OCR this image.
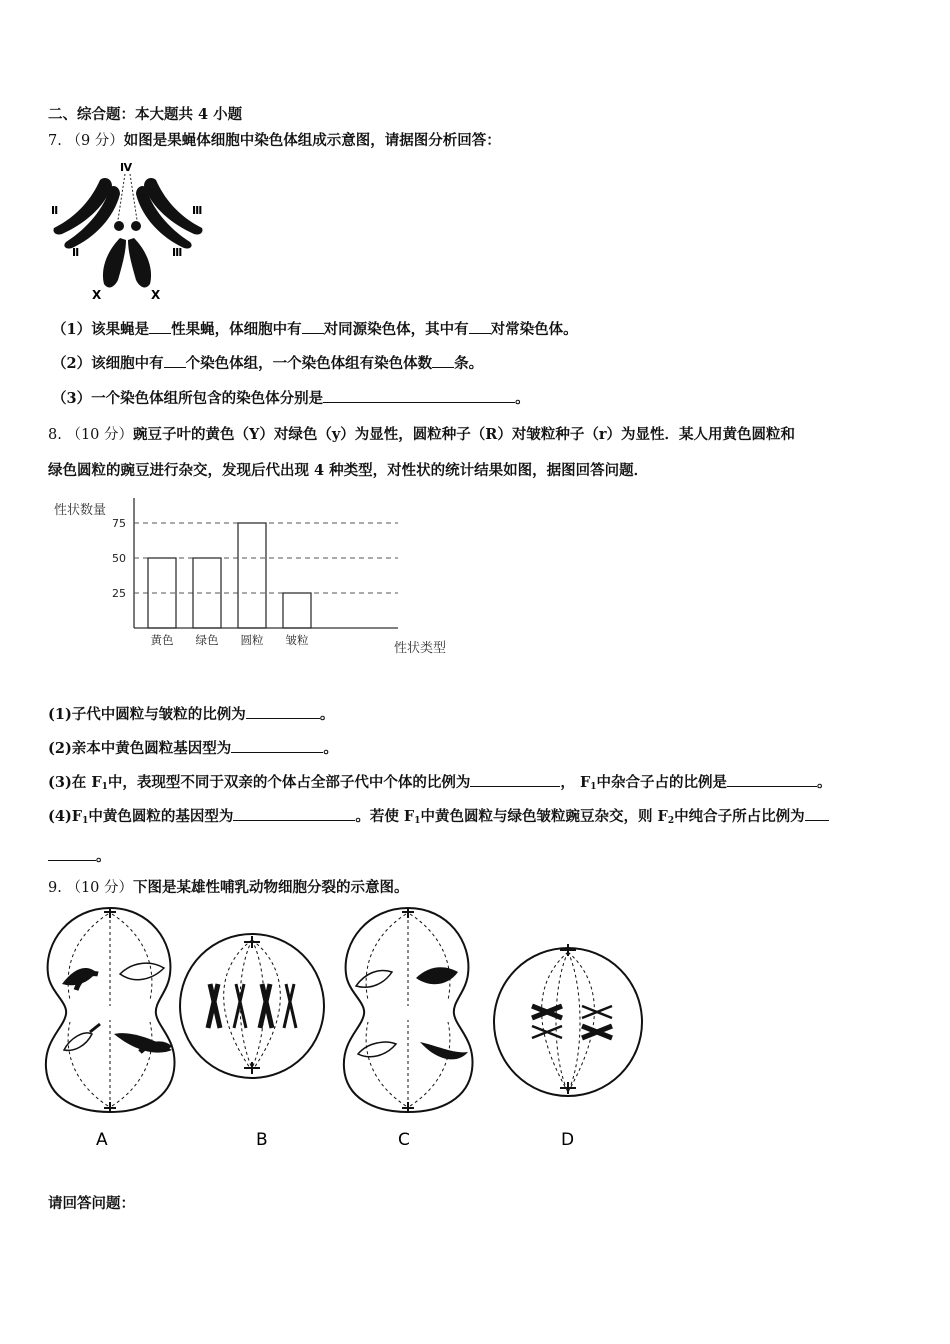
二、综合题：本大题共 4 小题
7. （9 分）如图是果蝇体细胞中染色体组成示意图，请据图分析回答：
Ⅳ
Ⅱ
Ⅱ
Ⅲ
Ⅲ
X	X
（1）该果蝇是 性果蝇，体细胞中有 对同源染色体，其中有 对常染色体。
（2）该细胞中有 个染色体组，一个染色体组有染色体数 条。
（3）一个染色体组所包含的染色体分别是	。
8. （10 分）豌豆子叶的黄色（Y）对绿色（y）为显性，圆粒种子（R）对皱粒种子（r）为显性．某人用黄色圆粒和
绿色圆粒的豌豆进行杂交，发现后代出现 4 种类型，对性状的统计结果如图，据图回答问题．
性状数量
25
50
75
黄色 绿色 圆粒 皱粒
性状类型
(1)子代中圆粒与皱粒的比例为	。
(2)亲本中黄色圆粒基因型为	。
(3)在 $F_1$中，表现型不同于双亲的个体占全部子代中个体的比例为	， $F_1$中杂合子占的比例是	。
$(4)F_1$中黄色圆粒的基因型为	。若使 $F_1$中黄色圆粒与绿色皱粒豌豆杂交，则 $F_2$中纯合子所占比例为
。
9. （10 分）下图是某雄性哺乳动物细胞分裂的示意图。
A	B	C	D
请回答问题：
